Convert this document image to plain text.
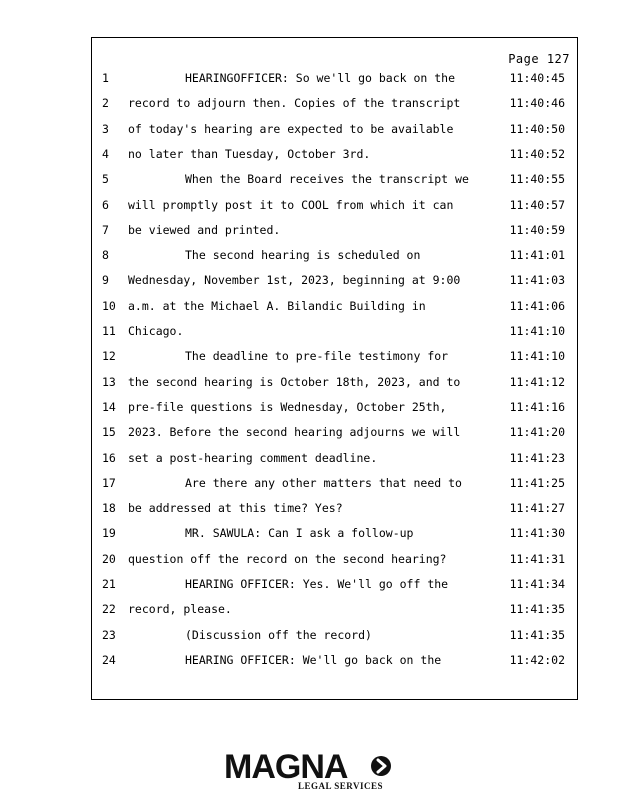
Page 127
1	HEARINGOFFICER: So we'll go back on the	11:40:45
2	record to adjourn then. Copies of the transcript	11:40:46
3	of today's hearing are expected to be available	11:40:50
4	no later than Tuesday, October 3rd.	11:40:52
5	When the Board receives the transcript we	11:40:55
6	will promptly post it to COOL from which it can	11:40:57
7	be viewed and printed.	11:40:59
8	The second hearing is scheduled on	11:41:01
9	Wednesday, November 1st, 2023, beginning at 9:00	11:41:03
10 a.m. at the Michael A. Bilandic Building in	11:41:06
11 Chicago.	11:41:10
12	The deadline to pre-file testimony for	11:41:10
13 the second hearing is October 18th, 2023, and to	11:41:12
14 pre-file questions is Wednesday, October 25th,	11:41:16
15 2023. Before the second hearing adjourns we will	11:41:20
16 set a post-hearing comment deadline.	11:41:23
17	Are there any other matters that need to	11:41:25
18 be addressed at this time? Yes?	11:41:27
19	MR. SAWULA: Can I ask a follow-up	11:41:30
20 question off the record on the second hearing?	11:41:31
21	HEARING OFFICER: Yes. We'll go off the	11:41:34
22 record, please.	11:41:35
23	(Discussion off the record)	11:41:35
24	HEARING OFFICER: We'll go back on the	11:42:02
MAGNA
LEGAL SERVICES
